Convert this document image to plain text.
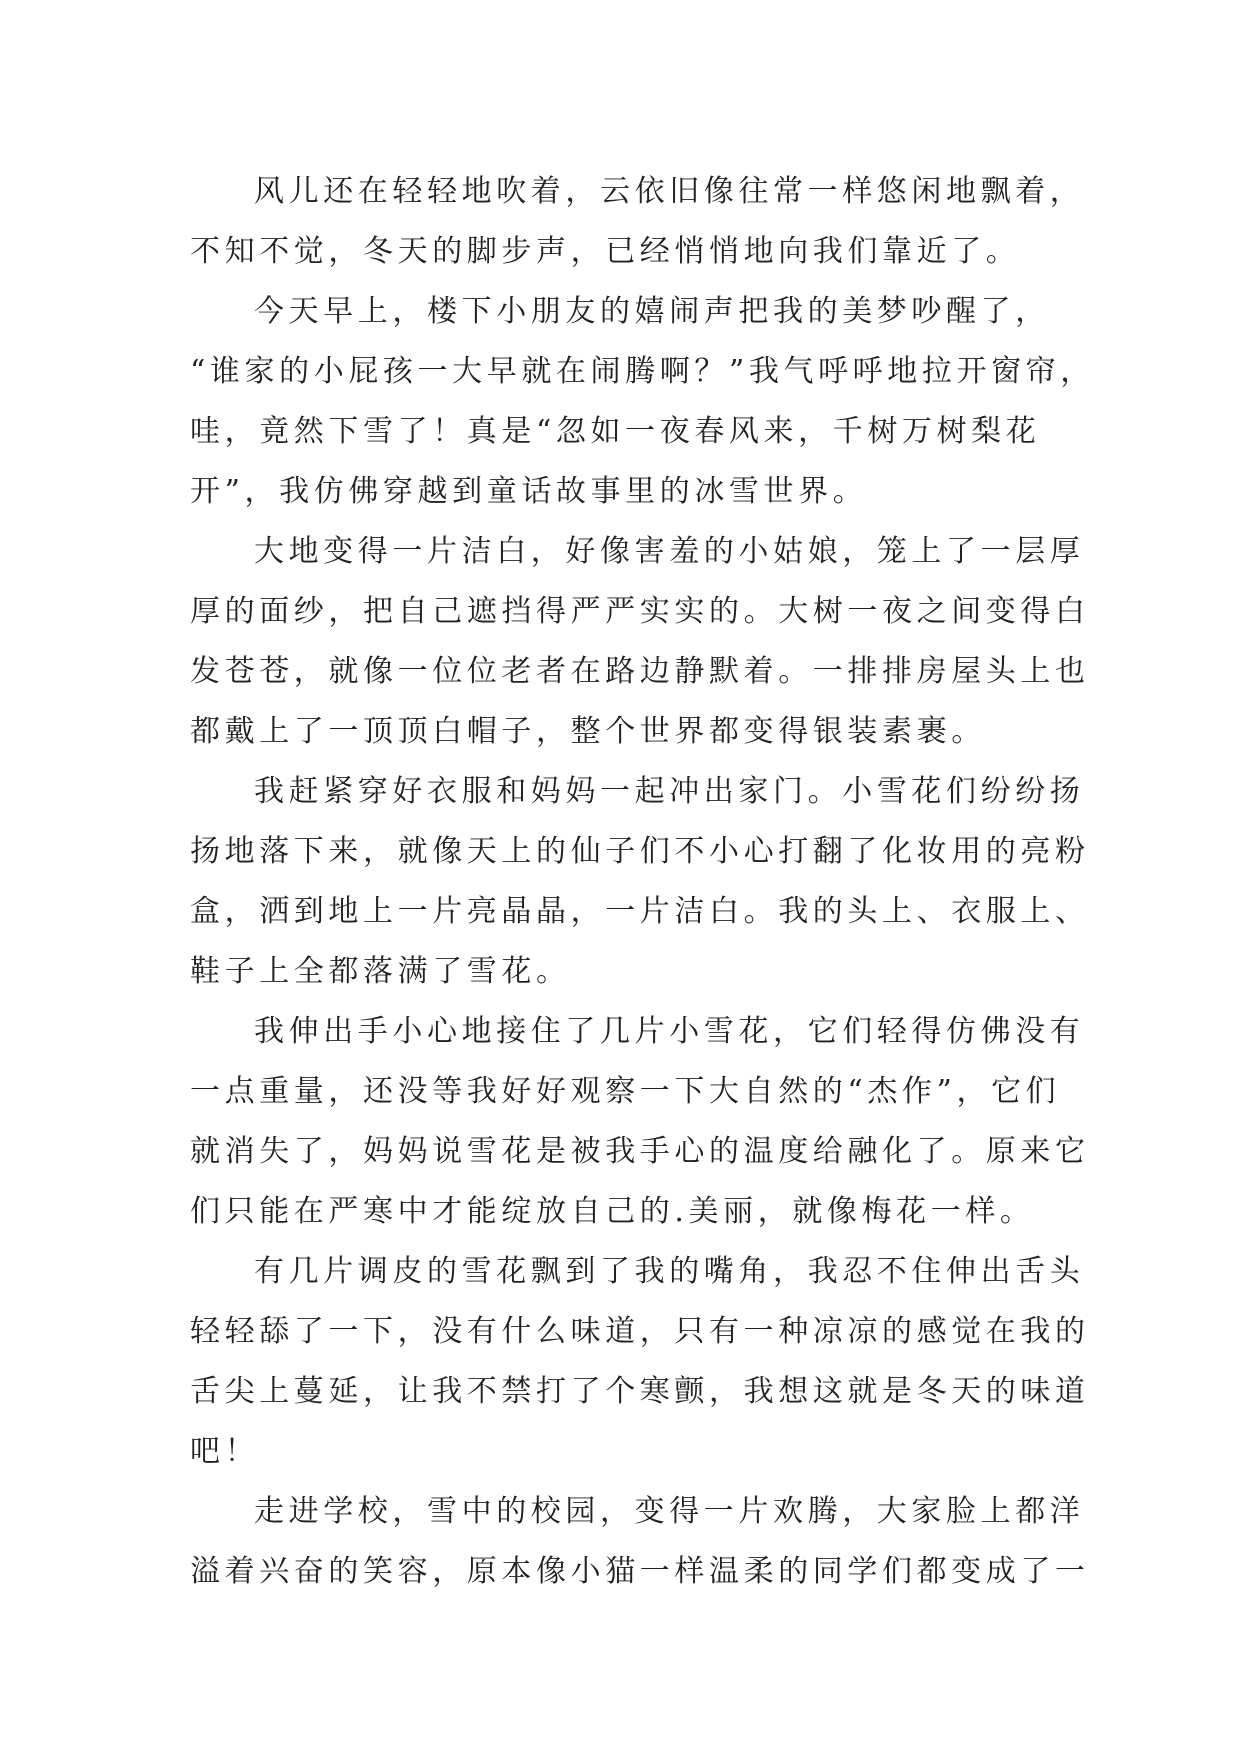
风儿还在轻轻地吹着，云依旧像往常一样悠闲地飘着，
不知不觉，冬天的脚步声，已经悄悄地向我们靠近了。
今天早上，楼下小朋友的嬉闹声把我的美梦吵醒了，
“谁家的小屁孩一大早就在闹腾啊？”我气呼呼地拉开窗帘，
哇，竟然下雪了！真是“忽如一夜春风来，千树万树梨花
开”，我仿佛穿越到童话故事里的冰雪世界。
大地变得一片洁白，好像害羞的小姑娘，笼上了一层厚
厚的面纱，把自己遮挡得严严实实的。大树一夜之间变得白
发苍苍，就像一位位老者在路边静默着。一排排房屋头上也
都戴上了一顶顶白帽子，整个世界都变得银装素裹。
我赶紧穿好衣服和妈妈一起冲出家门。小雪花们纷纷扬
扬地落下来，就像天上的仙子们不小心打翻了化妆用的亮粉
盒，洒到地上一片亮晶晶，一片洁白。我的头上、衣服上、
鞋子上全都落满了雪花。
我伸出手小心地接住了几片小雪花，它们轻得仿佛没有
一点重量，还没等我好好观察一下大自然的“杰作”，它们
就消失了，妈妈说雪花是被我手心的温度给融化了。原来它
们只能在严寒中才能绽放自己的.美丽，就像梅花一样。
有几片调皮的雪花飘到了我的嘴角，我忍不住伸出舌头
轻轻舔了一下，没有什么味道，只有一种凉凉的感觉在我的
舌尖上蔓延，让我不禁打了个寒颤，我想这就是冬天的味道
吧！
走进学校，雪中的校园，变得一片欢腾，大家脸上都洋
溢着兴奋的笑容，原本像小猫一样温柔的同学们都变成了一
